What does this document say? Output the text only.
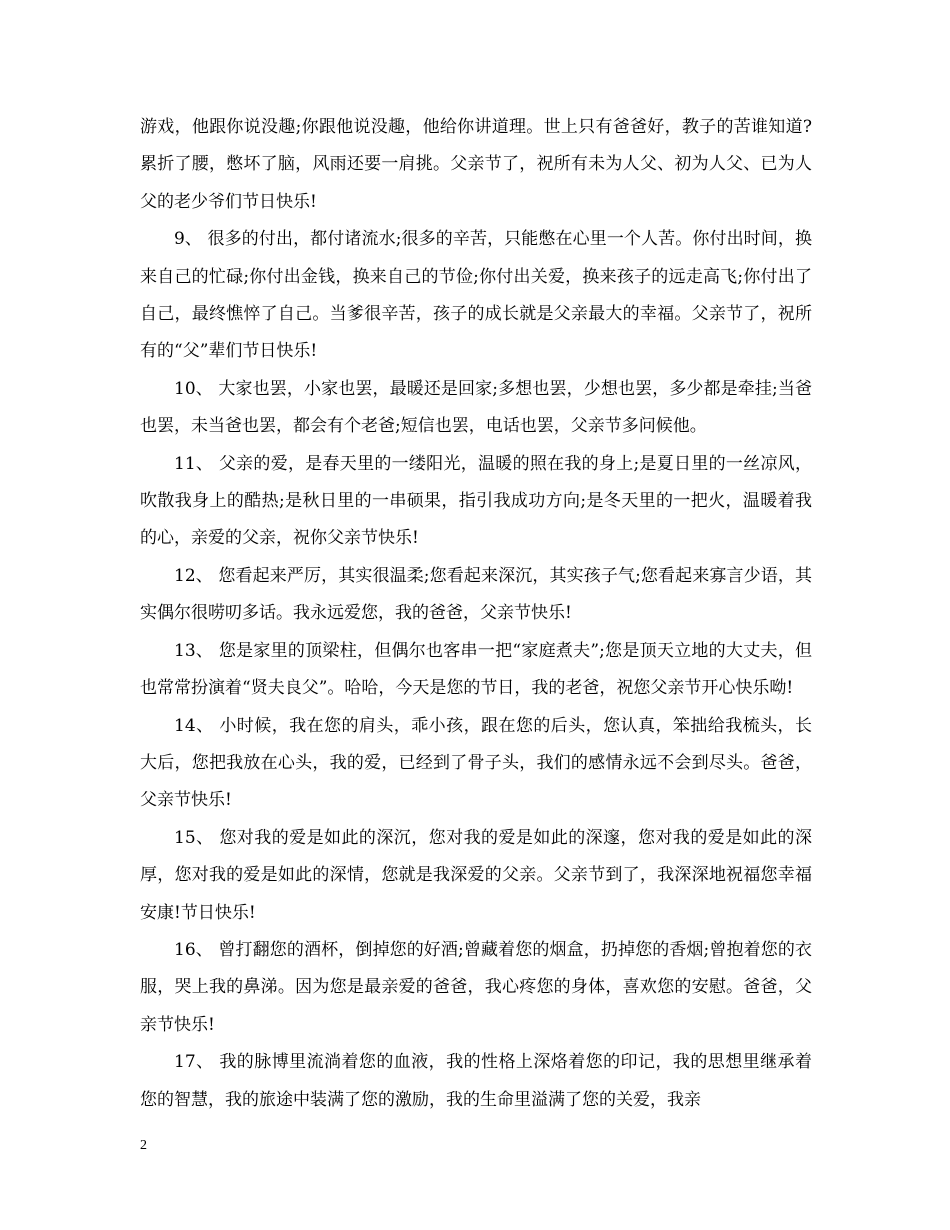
游戏，他跟你说没趣;你跟他说没趣，他给你讲道理。世上只有爸爸好，教子的苦谁知道?累折了腰，憋坏了脑，风雨还要一肩挑。父亲节了，祝所有未为人父、初为人父、已为人父的老少爷们节日快乐!

9、 很多的付出，都付诸流水;很多的辛苦，只能憋在心里一个人苦。你付出时间，换来自己的忙碌;你付出金钱，换来自己的节俭;你付出关爱，换来孩子的远走高飞;你付出了自己，最终憔悴了自己。当爹很辛苦，孩子的成长就是父亲最大的幸福。父亲节了，祝所有的“父”辈们节日快乐!

10、 大家也罢，小家也罢，最暖还是回家;多想也罢，少想也罢，多少都是牵挂;当爸也罢，未当爸也罢，都会有个老爸;短信也罢，电话也罢，父亲节多问候他。

11、 父亲的爱，是春天里的一缕阳光，温暖的照在我的身上;是夏日里的一丝凉风，吹散我身上的酷热;是秋日里的一串硕果，指引我成功方向;是冬天里的一把火，温暖着我的心，亲爱的父亲，祝你父亲节快乐!

12、 您看起来严厉，其实很温柔;您看起来深沉，其实孩子气;您看起来寡言少语，其实偶尔很唠叨多话。我永远爱您，我的爸爸，父亲节快乐!

13、 您是家里的顶梁柱，但偶尔也客串一把“家庭煮夫”;您是顶天立地的大丈夫，但也常常扮演着“贤夫良父”。哈哈，今天是您的节日，我的老爸，祝您父亲节开心快乐呦!

14、 小时候，我在您的肩头，乖小孩，跟在您的后头，您认真，笨拙给我梳头，长大后，您把我放在心头，我的爱，已经到了骨子头，我们的感情永远不会到尽头。爸爸，父亲节快乐!

15、 您对我的爱是如此的深沉，您对我的爱是如此的深邃，您对我的爱是如此的深厚，您对我的爱是如此的深情，您就是我深爱的父亲。父亲节到了，我深深地祝福您幸福安康!节日快乐!

16、 曾打翻您的酒杯，倒掉您的好酒;曾藏着您的烟盒，扔掉您的香烟;曾抱着您的衣服，哭上我的鼻涕。因为您是最亲爱的爸爸，我心疼您的身体，喜欢您的安慰。爸爸，父亲节快乐!

17、 我的脉博里流淌着您的血液，我的性格上深烙着您的印记，我的思想里继承着您的智慧，我的旅途中装满了您的激励，我的生命里溢满了您的关爱，我亲

2
